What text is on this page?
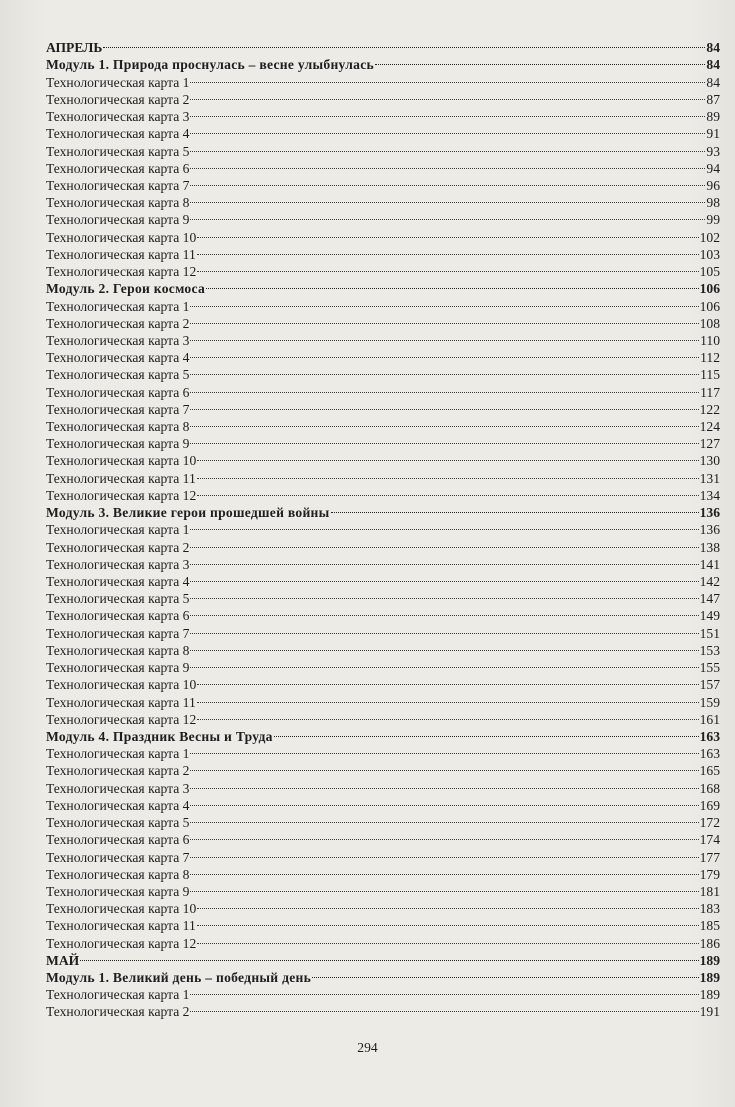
АПРЕЛЬ	84
Модуль 1. Природа проснулась – весне улыбнулась	84
Технологическая карта 1	84
Технологическая карта 2	87
Технологическая карта 3	89
Технологическая карта 4	91
Технологическая карта 5	93
Технологическая карта 6	94
Технологическая карта 7	96
Технологическая карта 8	98
Технологическая карта 9	99
Технологическая карта 10	102
Технологическая карта 11	103
Технологическая карта 12	105
Модуль 2. Герои космоса	106
Технологическая карта 1	106
Технологическая карта 2	108
Технологическая карта 3	110
Технологическая карта 4	112
Технологическая карта 5	115
Технологическая карта 6	117
Технологическая карта 7	122
Технологическая карта 8	124
Технологическая карта 9	127
Технологическая карта 10	130
Технологическая карта 11	131
Технологическая карта 12	134
Модуль 3. Великие герои прошедшей войны	136
Технологическая карта 1	136
Технологическая карта 2	138
Технологическая карта 3	141
Технологическая карта 4	142
Технологическая карта 5	147
Технологическая карта 6	149
Технологическая карта 7	151
Технологическая карта 8	153
Технологическая карта 9	155
Технологическая карта 10	157
Технологическая карта 11	159
Технологическая карта 12	161
Модуль 4. Праздник Весны и Труда	163
Технологическая карта 1	163
Технологическая карта 2	165
Технологическая карта 3	168
Технологическая карта 4	169
Технологическая карта 5	172
Технологическая карта 6	174
Технологическая карта 7	177
Технологическая карта 8	179
Технологическая карта 9	181
Технологическая карта 10	183
Технологическая карта 11	185
Технологическая карта 12	186
МАЙ	189
Модуль 1. Великий день – победный день	189
Технологическая карта 1	189
Технологическая карта 2	191
294
